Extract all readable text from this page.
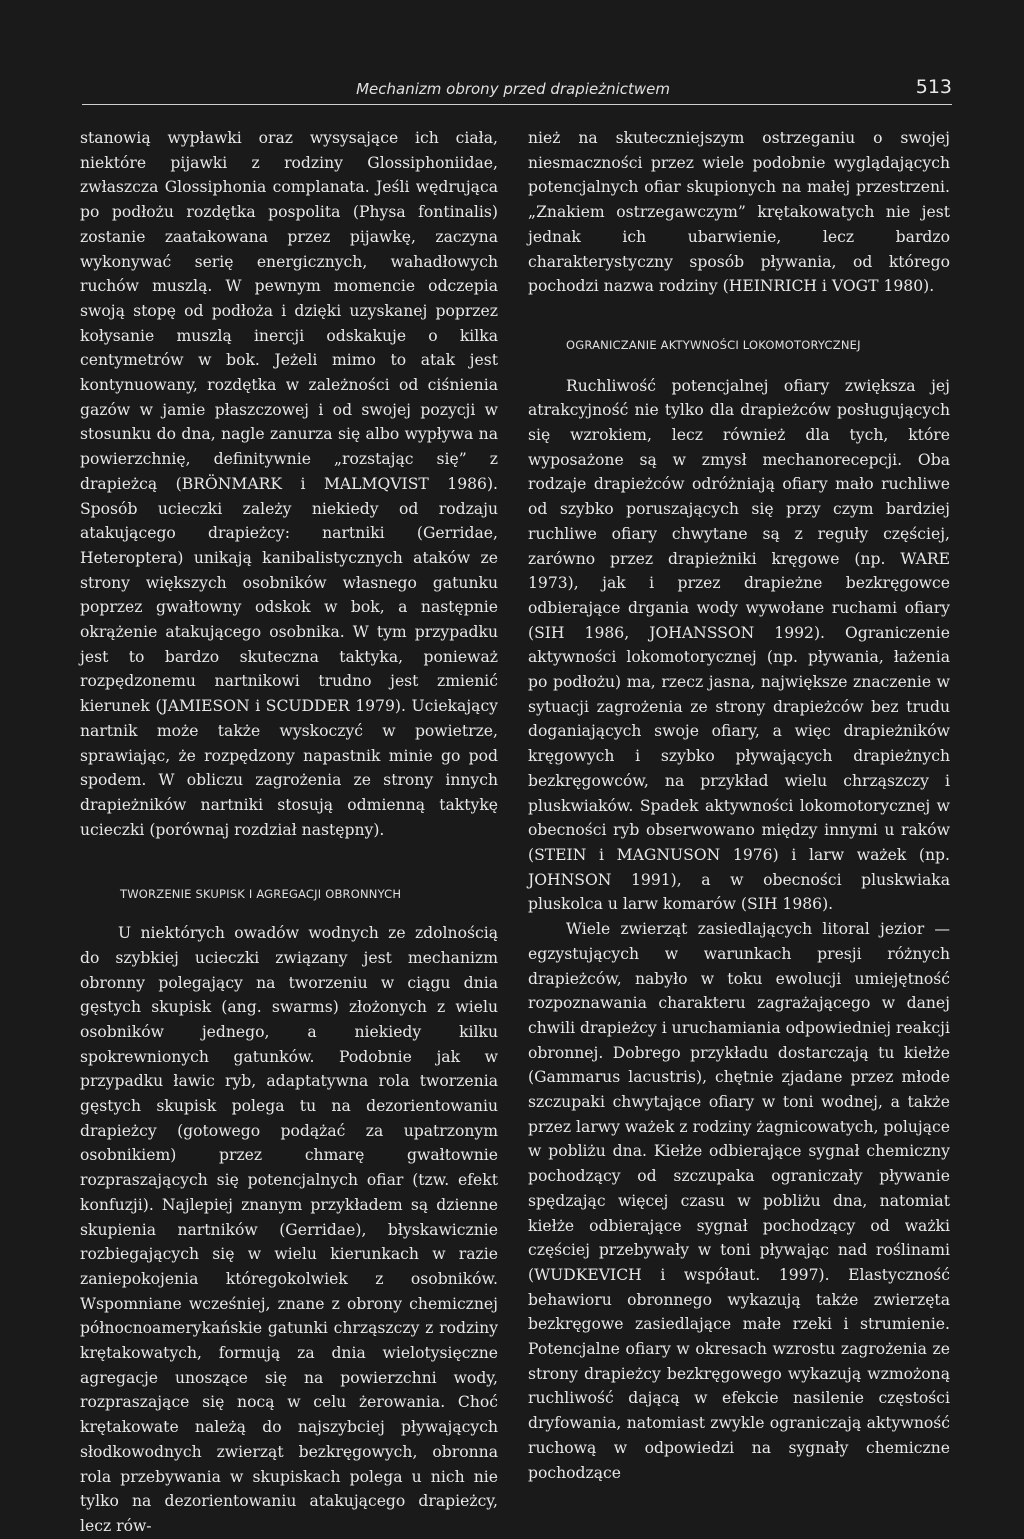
Mechanizm obrony przed drapieżnictwem	513

stanowią wypławki oraz wysysające ich ciała, niektóre pijawki z rodziny Glossiphoniidae, zwłaszcza Glossiphonia complanata. Jeśli wędrująca po podłożu rozdętka pospolita (Physa fontinalis) zostanie zaatakowana przez pijawkę, zaczyna wykonywać serię energicznych, wahadłowych ruchów muszlą. W pewnym momencie odczepia swoją stopę od podłoża i dzięki uzyskanej poprzez kołysanie muszlą inercji odskakuje o kilka centymetrów w bok. Jeżeli mimo to atak jest kontynuowany, rozdętka w zależności od ciśnienia gazów w jamie płaszczowej i od swojej pozycji w stosunku do dna, nagle zanurza się albo wypływa na powierzchnię, definitywnie „rozstając się” z drapieżcą (BRÖNMARK i MALMQVIST 1986). Sposób ucieczki zależy niekiedy od rodzaju atakującego drapieżcy: nartniki (Gerridae, Heteroptera) unikają kanibalistycznych ataków ze strony większych osobników własnego gatunku poprzez gwałtowny odskok w bok, a następnie okrążenie atakującego osobnika. W tym przypadku jest to bardzo skuteczna taktyka, ponieważ rozpędzonemu nartnikowi trudno jest zmienić kierunek (JAMIESON i SCUDDER 1979). Uciekający nartnik może także wyskoczyć w powietrze, sprawiając, że rozpędzony napastnik minie go pod spodem. W obliczu zagrożenia ze strony innych drapieżników nartniki stosują odmienną taktykę ucieczki (porównaj rozdział następny).

TWORZENIE SKUPISK I AGREGACJI OBRONNYCH

U niektórych owadów wodnych ze zdolnością do szybkiej ucieczki związany jest mechanizm obronny polegający na tworzeniu w ciągu dnia gęstych skupisk (ang. swarms) złożonych z wielu osobników jednego, a niekiedy kilku spokrewnionych gatunków. Podobnie jak w przypadku ławic ryb, adaptatywna rola tworzenia gęstych skupisk polega tu na dezorientowaniu drapieżcy (gotowego podążać za upatrzonym osobnikiem) przez chmarę gwałtownie rozpraszających się potencjalnych ofiar (tzw. efekt konfuzji). Najlepiej znanym przykładem są dzienne skupienia nartników (Gerridae), błyskawicznie rozbiegających się w wielu kierunkach w razie zaniepokojenia któregokolwiek z osobników. Wspomniane wcześniej, znane z obrony chemicznej północnoamerykańskie gatunki chrząszczy z rodziny krętakowatych, formują za dnia wielotysięczne agregacje unoszące się na powierzchni wody, rozpraszające się nocą w celu żerowania. Choć krętakowate należą do najszybciej pływających słodkowodnych zwierząt bezkręgowych, obronna rola przebywania w skupiskach polega u nich nie tylko na dezorientowaniu atakującego drapieżcy, lecz rów-

nież na skuteczniejszym ostrzeganiu o swojej niesmaczności przez wiele podobnie wyglądających potencjalnych ofiar skupionych na małej przestrzeni. „Znakiem ostrzegawczym” krętakowatych nie jest jednak ich ubarwienie, lecz bardzo charakterystyczny sposób pływania, od którego pochodzi nazwa rodziny (HEINRICH i VOGT 1980).

OGRANICZANIE AKTYWNOŚCI LOKOMOTORYCZNEJ

Ruchliwość potencjalnej ofiary zwiększa jej atrakcyjność nie tylko dla drapieżców posługujących się wzrokiem, lecz również dla tych, które wyposażone są w zmysł mechanorecepcji. Oba rodzaje drapieżców odróżniają ofiary mało ruchliwe od szybko poruszających się przy czym bardziej ruchliwe ofiary chwytane są z reguły częściej, zarówno przez drapieżniki kręgowe (np. WARE 1973), jak i przez drapieżne bezkręgowce odbierające drgania wody wywołane ruchami ofiary (SIH 1986, JOHANSSON 1992). Ograniczenie aktywności lokomotorycznej (np. pływania, łażenia po podłożu) ma, rzecz jasna, największe znaczenie w sytuacji zagrożenia ze strony drapieżców bez trudu doganiających swoje ofiary, a więc drapieżników kręgowych i szybko pływających drapieżnych bezkręgowców, na przykład wielu chrząszczy i pluskwiaków. Spadek aktywności lokomotorycznej w obecności ryb obserwowano między innymi u raków (STEIN i MAGNUSON 1976) i larw ważek (np. JOHNSON 1991), a w obecności pluskwiaka pluskolca u larw komarów (SIH 1986).

Wiele zwierząt zasiedlających litoral jezior — egzystujących w warunkach presji różnych drapieżców, nabyło w toku ewolucji umiejętność rozpoznawania charakteru zagrażającego w danej chwili drapieżcy i uruchamiania odpowiedniej reakcji obronnej. Dobrego przykładu dostarczają tu kiełże (Gammarus lacustris), chętnie zjadane przez młode szczupaki chwytające ofiary w toni wodnej, a także przez larwy ważek z rodziny żagnicowatych, polujące w pobliżu dna. Kiełże odbierające sygnał chemiczny pochodzący od szczupaka ograniczały pływanie spędzając więcej czasu w pobliżu dna, natomiat kiełże odbierające sygnał pochodzący od ważki częściej przebywały w toni pływając nad roślinami (WUDKEVICH i współaut. 1997). Elastyczność behawioru obronnego wykazują także zwierzęta bezkręgowe zasiedlające małe rzeki i strumienie. Potencjalne ofiary w okresach wzrostu zagrożenia ze strony drapieżcy bezkręgowego wykazują wzmożoną ruchliwość dającą w efekcie nasilenie częstości dryfowania, natomiast zwykle ograniczają aktywność ruchową w odpowiedzi na sygnały chemiczne pochodzące
